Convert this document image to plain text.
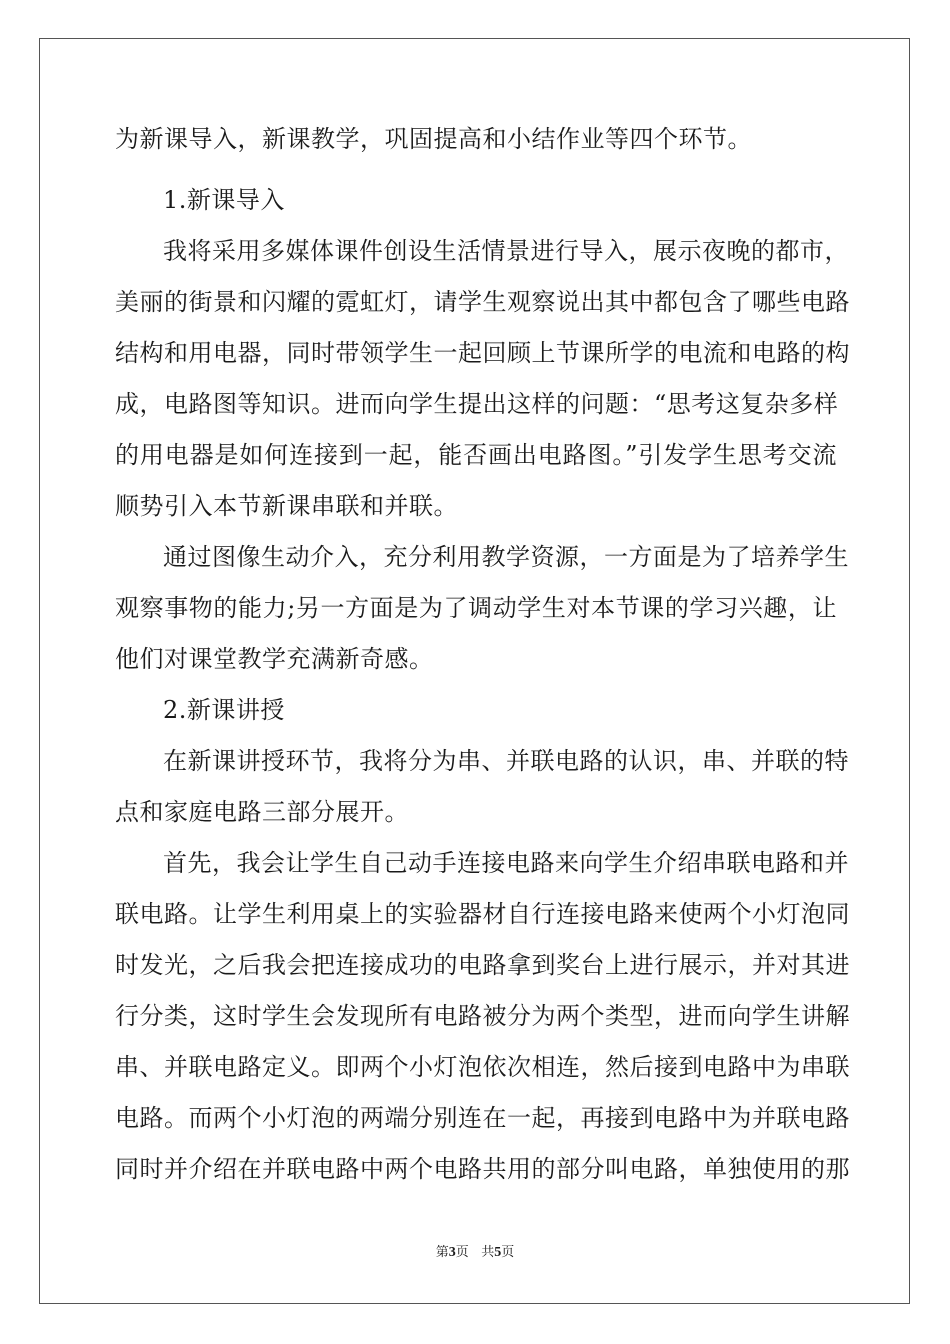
为新课导入，新课教学，巩固提高和小结作业等四个环节。
1.新课导入
我将采用多媒体课件创设生活情景进行导入，展示夜晚的都市，
美丽的街景和闪耀的霓虹灯，请学生观察说出其中都包含了哪些电路
结构和用电器，同时带领学生一起回顾上节课所学的电流和电路的构
成，电路图等知识。进而向学生提出这样的问题：“思考这复杂多样
的用电器是如何连接到一起，能否画出电路图。”引发学生思考交流
顺势引入本节新课串联和并联。
通过图像生动介入，充分利用教学资源，一方面是为了培养学生
观察事物的能力;另一方面是为了调动学生对本节课的学习兴趣，让
他们对课堂教学充满新奇感。
2.新课讲授
在新课讲授环节，我将分为串、并联电路的认识，串、并联的特
点和家庭电路三部分展开。
首先，我会让学生自己动手连接电路来向学生介绍串联电路和并
联电路。让学生利用桌上的实验器材自行连接电路来使两个小灯泡同
时发光，之后我会把连接成功的电路拿到奖台上进行展示，并对其进
行分类，这时学生会发现所有电路被分为两个类型，进而向学生讲解
串、并联电路定义。即两个小灯泡依次相连，然后接到电路中为串联
电路。而两个小灯泡的两端分别连在一起，再接到电路中为并联电路
同时并介绍在并联电路中两个电路共用的部分叫电路，单独使用的那
第3页 共5页
